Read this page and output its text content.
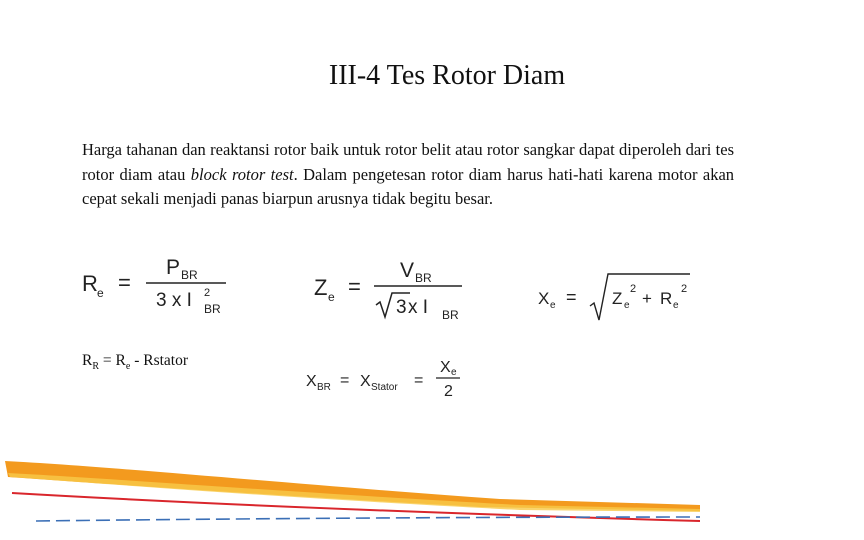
III-4 Tes Rotor Diam
Harga tahanan dan reaktansi rotor baik untuk rotor belit atau rotor sangkar dapat diperoleh dari tes rotor diam atau block rotor test. Dalam pengetesan rotor diam harus hati-hati karena motor akan cepat sekali menjadi panas biarpun arusnya tidak begitu besar.
R e =
P BR
3 x I 2
BR
Z e =
V BR
3 x I BR
X e = Z e
2 + R e
2
$R_R = R_e$ - Rstator
X BR = X Stator =
X e
2
